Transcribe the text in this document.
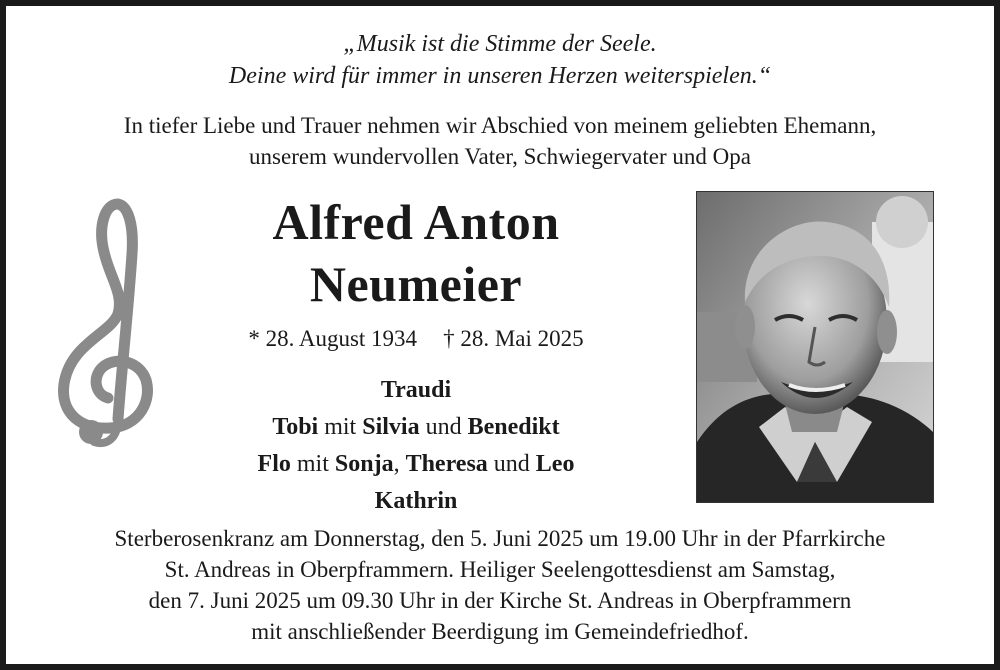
„Musik ist die Stimme der Seele.
Deine wird für immer in unseren Herzen weiterspielen.“
In tiefer Liebe und Trauer nehmen wir Abschied von meinem geliebten Ehemann,
unserem wundervollen Vater, Schwiegervater und Opa
Alfred Anton
Neumeier
* 28. August 1934 † 28. Mai 2025
Traudi
Tobi mit Silvia und Benedikt
Flo mit Sonja, Theresa und Leo
Kathrin
Sterberosenkranz am Donnerstag, den 5. Juni 2025 um 19.00 Uhr in der Pfarrkirche
St. Andreas in Oberpframmern. Heiliger Seelengottesdienst am Samstag,
den 7. Juni 2025 um 09.30 Uhr in der Kirche St. Andreas in Oberpframmern
mit anschließender Beerdigung im Gemeindefriedhof.
